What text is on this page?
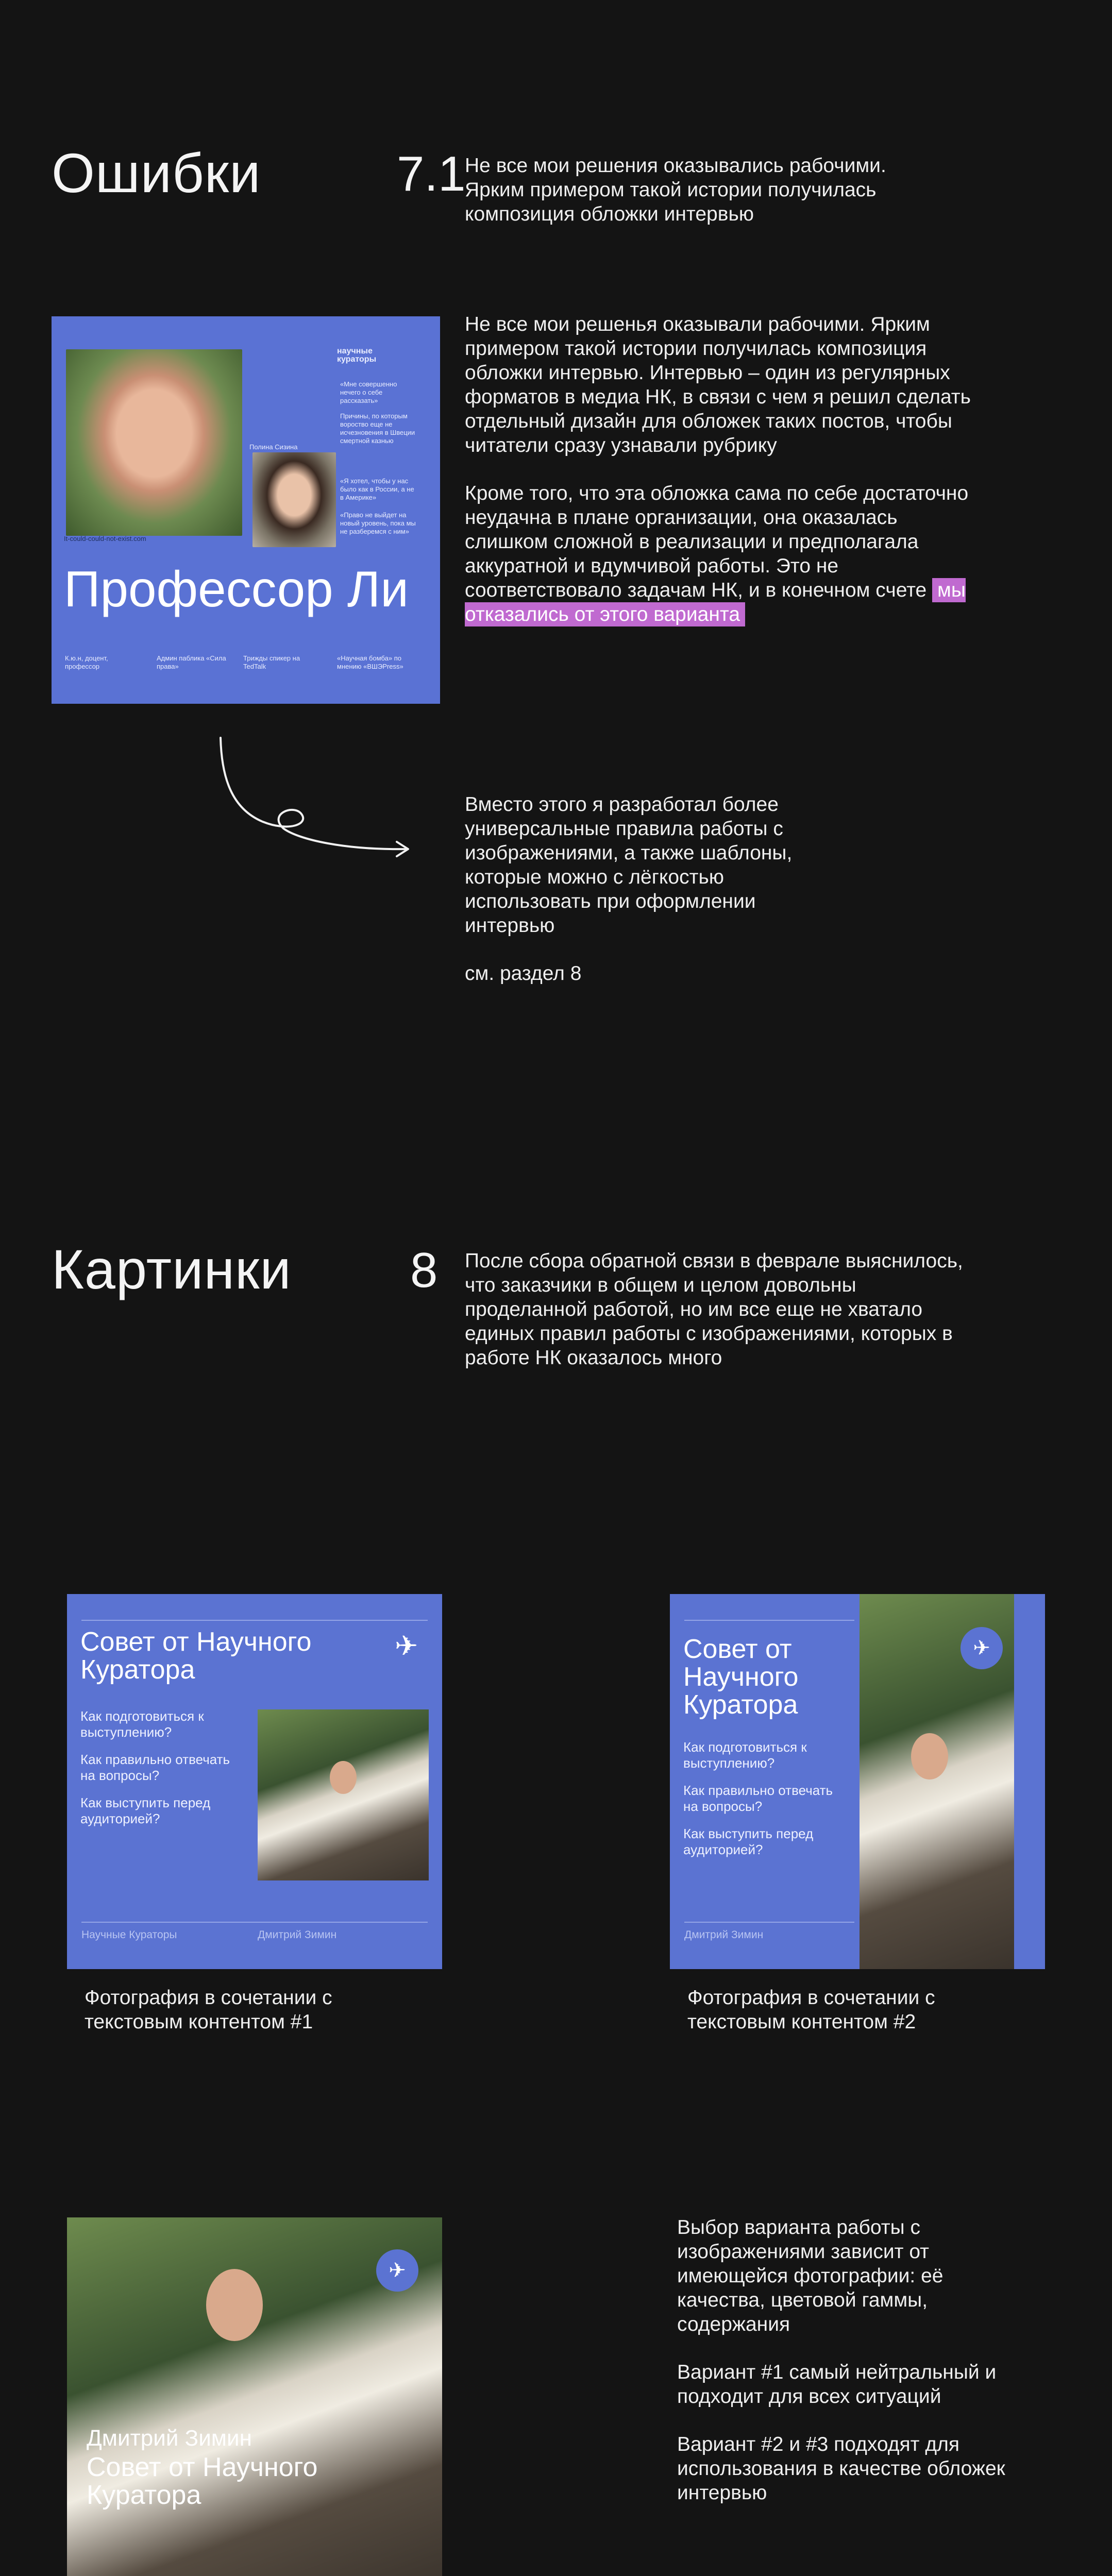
Ошибки	7.1
Не все мои решения оказывались рабочими. Ярким примером такой истории получилась композиция обложки интервью
Полина Сизина
научные кураторы
«Мне совершенно нечего о себе рассказать»
Причины, по которым вороство еще не исчезновения в Швеции смертной казнью
«Я хотел, чтобы у нас было как в России, а не в Америке»
«Право не выйдет на новый уровень, пока мы не разберемся с ним»
It-could-could-not-exist.com
Профессор Ли
К.ю.н, доцент, профессор
Админ паблика «Сила права»
Трижды спикер на TedTalk
«Научная бомба» по мнению «ВШЭPress»

Не все мои решенья оказывали рабочими. Ярким примером такой истории получилась композиция обложки интервью. Интервью – один из регулярных форматов в медиа НК, в связи с чем я решил сделать отдельный дизайн для обложек таких постов, чтобы читатели сразу узнавали рубрику

Кроме того, что эта обложка сама по себе достаточно неудачна в плане организации, она оказалась слишком сложной в реализации и предполагала аккуратной и вдумчивой работы. Это не соответствовало задачам НК, и в конечном счете мы отказались от этого варианта

Вместо этого я разработал более универсальные правила работы с изображениями, а также шаблоны, которые можно с лёгкостью использовать при оформлении интервью

см. раздел 8

Картинки 8 После сбора обратной связи в феврале выяснилось, что заказчики в общем и целом довольны проделанной работой, но им все еще не хватало единых правил работы с изображениями, которых в работе НК оказалось много
Совет от Научного Куратора
✈
Как подготовиться к выступлению?
Как правильно отвечать на вопросы?
Как выступить перед аудиторией?
Научные Кураторы	Дмитрий Зимин
Фотография в сочетании с текстовым контентом #1
Совет от Научного Куратора
Как подготовиться к выступлению?
Как правильно отвечать на вопросы?
Как выступить перед аудиторией?
✈
Дмитрий Зимин
Фотография в сочетании с текстовым контентом #2
✈
Дмитрий Зимин
Совет от Научного Куратора

Выбор варианта работы с изображениями зависит от имеющейся фотографии: её качества, цветовой гаммы, содержания

Вариант #1 самый нейтральный и подходит для всех ситуаций

Вариант #2 и #3 подходят для использования в качестве обложек интервью
